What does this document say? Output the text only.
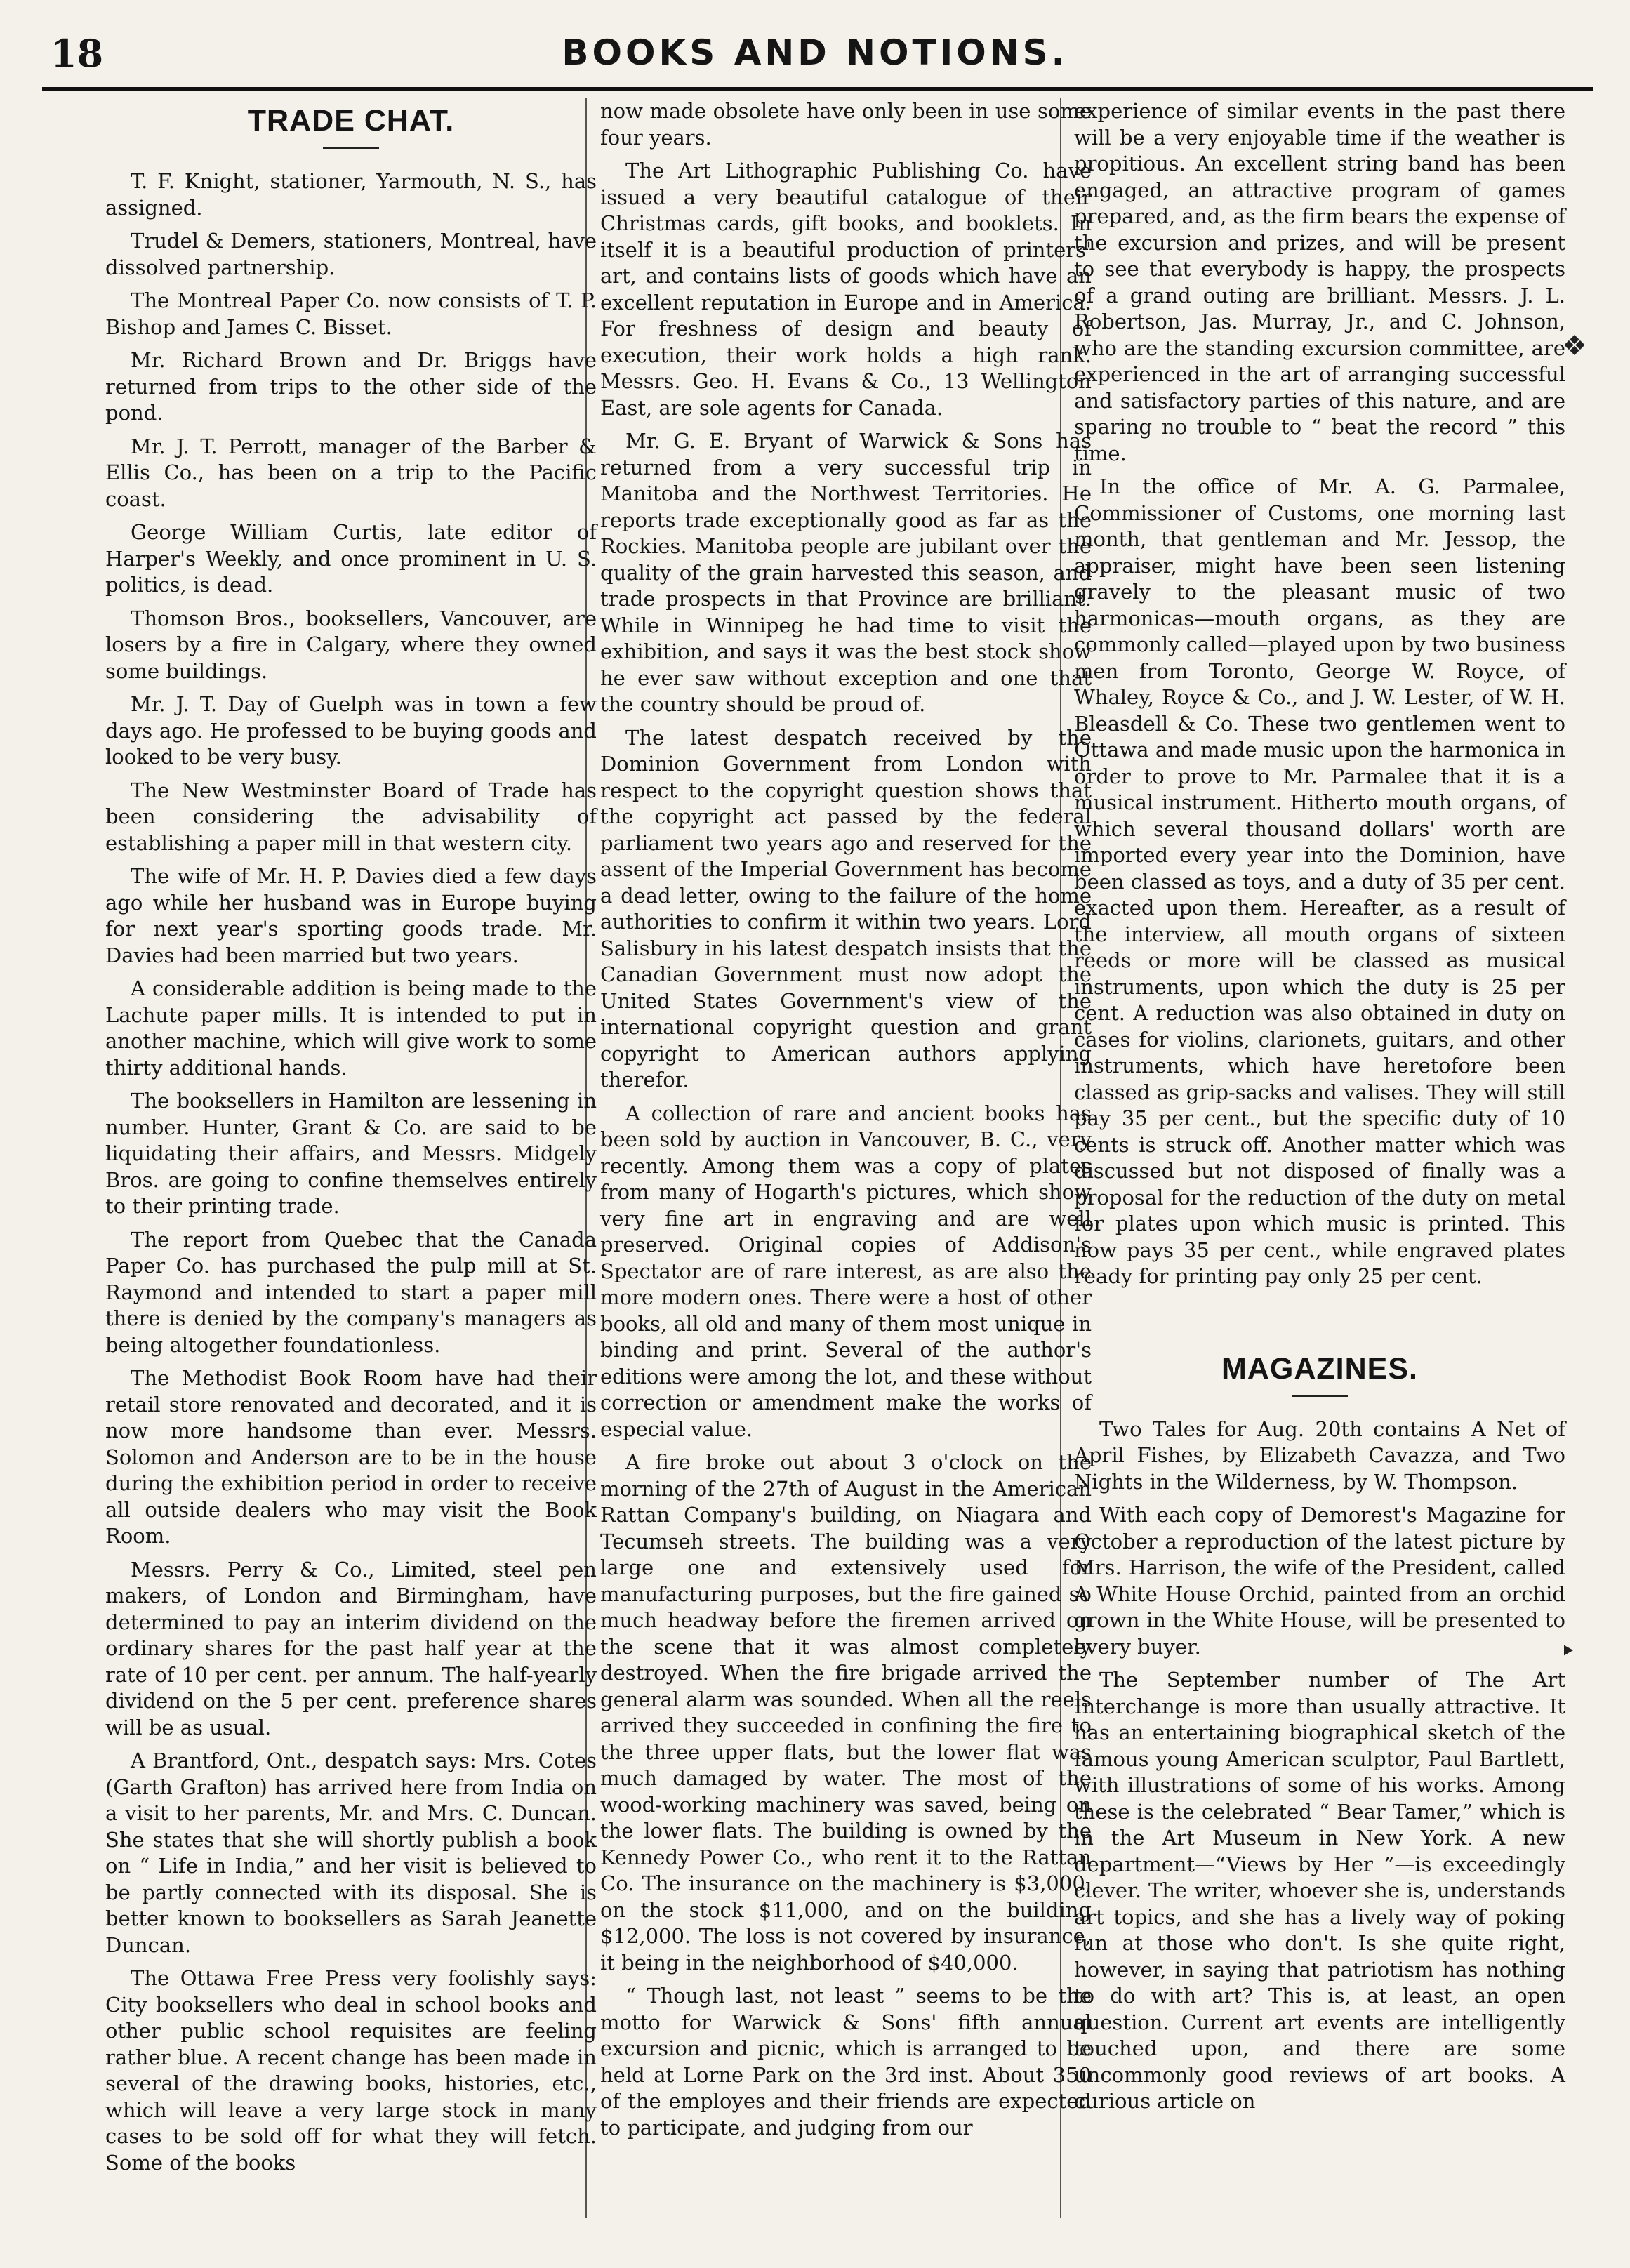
18	BOOKS AND NOTIONS.
TRADE CHAT.

T. F. Knight, stationer, Yarmouth, N. S., has assigned.

Trudel & Demers, stationers, Montreal, have dissolved partnership.

The Montreal Paper Co. now consists of T. P. Bishop and James C. Bisset.

Mr. Richard Brown and Dr. Briggs have returned from trips to the other side of the pond.

Mr. J. T. Perrott, manager of the Barber & Ellis Co., has been on a trip to the Pacific coast.

George William Curtis, late editor of Harper's Weekly, and once prominent in U. S. politics, is dead.

Thomson Bros., booksellers, Vancouver, are losers by a fire in Calgary, where they owned some buildings.

Mr. J. T. Day of Guelph was in town a few days ago. He professed to be buying goods and looked to be very busy.

The New Westminster Board of Trade has been considering the advisability of establishing a paper mill in that western city.

The wife of Mr. H. P. Davies died a few days ago while her husband was in Europe buying for next year's sporting goods trade. Mr. Davies had been married but two years.

A considerable addition is being made to the Lachute paper mills. It is intended to put in another machine, which will give work to some thirty additional hands.

The booksellers in Hamilton are lessening in number. Hunter, Grant & Co. are said to be liquidating their affairs, and Messrs. Midgely Bros. are going to confine themselves entirely to their printing trade.

The report from Quebec that the Canada Paper Co. has purchased the pulp mill at St. Raymond and intended to start a paper mill there is denied by the company's managers as being altogether foundationless.

The Methodist Book Room have had their retail store renovated and decorated, and it is now more handsome than ever. Messrs. Solomon and Anderson are to be in the house during the exhibition period in order to receive all outside dealers who may visit the Book Room.

Messrs. Perry & Co., Limited, steel pen makers, of London and Birmingham, have determined to pay an interim dividend on the ordinary shares for the past half year at the rate of 10 per cent. per annum. The half-yearly dividend on the 5 per cent. preference shares will be as usual.

A Brantford, Ont., despatch says: Mrs. Cotes (Garth Grafton) has arrived here from India on a visit to her parents, Mr. and Mrs. C. Duncan. She states that she will shortly publish a book on “ Life in India,” and her visit is believed to be partly connected with its disposal. She is better known to booksellers as Sarah Jeanette Duncan.

The Ottawa Free Press very foolishly says: City booksellers who deal in school books and other public school requisites are feeling rather blue. A recent change has been made in several of the drawing books, histories, etc., which will leave a very large stock in many cases to be sold off for what they will fetch. Some of the books

now made obsolete have only been in use some four years.

The Art Lithographic Publishing Co. have issued a very beautiful catalogue of their Christmas cards, gift books, and booklets. In itself it is a beautiful production of printers' art, and contains lists of goods which have an excellent reputation in Europe and in America. For freshness of design and beauty of execution, their work holds a high rank. Messrs. Geo. H. Evans & Co., 13 Wellington East, are sole agents for Canada.

Mr. G. E. Bryant of Warwick & Sons has returned from a very successful trip in Manitoba and the Northwest Territories. He reports trade exceptionally good as far as the Rockies. Manitoba people are jubilant over the quality of the grain harvested this season, and trade prospects in that Province are brilliant. While in Winnipeg he had time to visit the exhibition, and says it was the best stock show he ever saw without exception and one that the country should be proud of.

The latest despatch received by the Dominion Government from London with respect to the copyright question shows that the copyright act passed by the federal parliament two years ago and reserved for the assent of the Imperial Government has become a dead letter, owing to the failure of the home authorities to confirm it within two years. Lord Salisbury in his latest despatch insists that the Canadian Government must now adopt the United States Government's view of the international copyright question and grant copyright to American authors applying therefor.

A collection of rare and ancient books has been sold by auction in Vancouver, B. C., very recently. Among them was a copy of plates from many of Hogarth's pictures, which show very fine art in engraving and are well preserved. Original copies of Addison's Spectator are of rare interest, as are also the more modern ones. There were a host of other books, all old and many of them most unique in binding and print. Several of the author's editions were among the lot, and these without correction or amendment make the works of especial value.

A fire broke out about 3 o'clock on the morning of the 27th of August in the American Rattan Company's building, on Niagara and Tecumseh streets. The building was a very large one and extensively used for manufacturing purposes, but the fire gained so much headway before the firemen arrived on the scene that it was almost completely destroyed. When the fire brigade arrived the general alarm was sounded. When all the reels arrived they succeeded in confining the fire to the three upper flats, but the lower flat was much damaged by water. The most of the wood-working machinery was saved, being on the lower flats. The building is owned by the Kennedy Power Co., who rent it to the Rattan Co. The insurance on the machinery is $3,000, on the stock $11,000, and on the building $12,000. The loss is not covered by insurance, it being in the neighborhood of $40,000.

“ Though last, not least ” seems to be the motto for Warwick & Sons' fifth annual excursion and picnic, which is arranged to be held at Lorne Park on the 3rd inst. About 350 of the employes and their friends are expected to participate, and judging from our

experience of similar events in the past there will be a very enjoyable time if the weather is propitious. An excellent string band has been engaged, an attractive program of games prepared, and, as the firm bears the expense of the excursion and prizes, and will be present to see that everybody is happy, the prospects of a grand outing are brilliant. Messrs. J. L. Robertson, Jas. Murray, Jr., and C. Johnson, who are the standing excursion committee, are experienced in the art of arranging successful and satisfactory parties of this nature, and are sparing no trouble to “ beat the record ” this time.

In the office of Mr. A. G. Parmalee, Commissioner of Customs, one morning last month, that gentleman and Mr. Jessop, the appraiser, might have been seen listening gravely to the pleasant music of two harmonicas—mouth organs, as they are commonly called—played upon by two business men from Toronto, George W. Royce, of Whaley, Royce & Co., and J. W. Lester, of W. H. Bleasdell & Co. These two gentlemen went to Ottawa and made music upon the harmonica in order to prove to Mr. Parmalee that it is a musical instrument. Hitherto mouth organs, of which several thousand dollars' worth are imported every year into the Dominion, have been classed as toys, and a duty of 35 per cent. exacted upon them. Hereafter, as a result of the interview, all mouth organs of sixteen reeds or more will be classed as musical instruments, upon which the duty is 25 per cent. A reduction was also obtained in duty on cases for violins, clarionets, guitars, and other instruments, which have heretofore been classed as grip-sacks and valises. They will still pay 35 per cent., but the specific duty of 10 cents is struck off. Another matter which was discussed but not disposed of finally was a proposal for the reduction of the duty on metal for plates upon which music is printed. This now pays 35 per cent., while engraved plates ready for printing pay only 25 per cent.

MAGAZINES.

Two Tales for Aug. 20th contains A Net of April Fishes, by Elizabeth Cavazza, and Two Nights in the Wilderness, by W. Thompson.

With each copy of Demorest's Magazine for October a reproduction of the latest picture by Mrs. Harrison, the wife of the President, called A White House Orchid, painted from an orchid grown in the White House, will be presented to every buyer.

The September number of The Art Interchange is more than usually attractive. It has an entertaining biographical sketch of the famous young American sculptor, Paul Bartlett, with illustrations of some of his works. Among these is the celebrated “ Bear Tamer,” which is in the Art Museum in New York. A new department—“Views by Her ”—is exceedingly clever. The writer, whoever she is, understands art topics, and she has a lively way of poking fun at those who don't. Is she quite right, however, in saying that patriotism has nothing to do with art? This is, at least, an open question. Current art events are intelligently touched upon, and there are some uncommonly good reviews of art books. A curious article on

❖
‣
